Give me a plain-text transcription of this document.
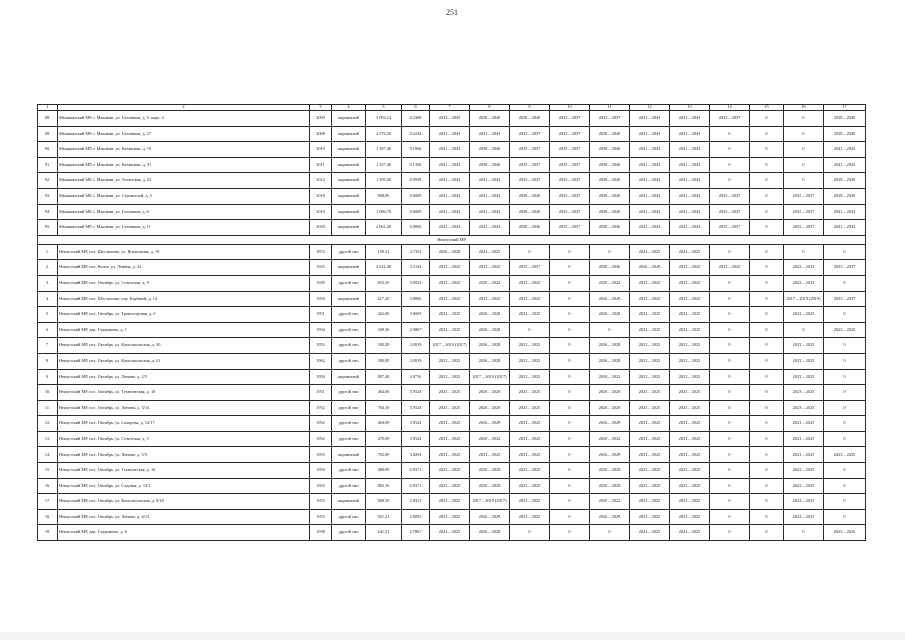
251
1	2	3	4	5	6	7	8	9	10	11	12	13	14	15	16	17
88.	Мышкинский МР, г. Мышкин, ул. Газовиков, д. 9, корп. 2	2009	кирпичный	3 093,14	0.2308	2043 – 2045	2038 – 2040	2038 – 2040	2035 – 2037	2035 – 2037	2041 – 2043	2041 – 2043	2035 – 2037	0	0	2038 – 2040
89.	Мышкинский МР, г. Мышкин, ул. Газовиков, д. 27	2008	кирпичный	2 376,50	0.3244	2041 – 2043	2041 – 2043	2035 – 2037	2035 – 2037	2038 – 2040	2041 – 2043	2041 – 2043	0	0	0	2038 – 2040
90.	Мышкинский МР, г. Мышкин, ул. Казанцева, д. 19	2010	кирпичный	1 387,40	0.1868	2041 – 2043	2038 – 2040	2035 – 2037	2035 – 2037	2038 – 2040	2041 – 2043	2041 – 2043	0	0	0	2041 – 2043
91.	Мышкинский МР, г. Мышкин, ул. Казанцева, д. 31	2011	кирпичный	1 257,40	0.1356	2041 – 2043	2038 – 2040	2035 – 2037	2035 – 2037	2038 – 2040	2041 – 2043	2041 – 2043	0	0	0	2041 – 2043
92.	Мышкинский МР, г. Мышкин, ул. Успенская, д. 22	2012	кирпичный	1 595,00	0.0938	2041 – 2043	2041 – 2043	2035 – 2037	2035 – 2037	2038 – 2040	2041 – 2043	2041 – 2043	0	0	0	2038 – 2040
93.	Мышкинский МР, г. Мышкин, ул. Строителей, д. 5	2018	кирпичный	968,80	0.0000	2041 – 2043	2041 – 2043	2038 – 2040	2035 – 2037	2038 – 2040	2041 – 2043	2041 – 2043	2035 – 2037	0	2035 – 2037	2038 – 2040
94.	Мышкинский МР, г. Мышкин, ул. Газовиков, д. 6	2019	кирпичный	1 086,70	0.0000	2041 – 2043	2041 – 2043	2038 – 2040	2035 – 2037	2038 – 2040	2041 – 2043	2041 – 2043	2035 – 2037	0	2035 – 2037	2041 – 2043
95.	Мышкинский МР, г. Мышкин, ул. Газовиков, д. 11	2020	кирпичный	2 061,20	0.0000	2041 – 2043	2041 – 2043	2038 – 2040	2035 – 2037	2038 – 2040	2041 – 2043	2041 – 2043	2035 – 2037	0	2035 – 2037	2041 – 2043
Некоузский МР																
1.	Некоузский МР, пос. Шестихино, ул. Вокзальная, д. 19	1873	другой тип	159,31	4.7333	2026 – 2028	2023 – 2025	0	0	0	2023 – 2025	2023 – 2025	0	0	0	0
2.	Некоузский МР, пос. Волга, ул. Ленина, д. 24	1925	кирпичный	2 631,40	3.3134	2023 – 2025	2023 – 2025	2035 – 2037	0	2038 – 2040	2026 – 2028	2023 – 2025	2023 – 2025	0	2023 – 2025	2035 – 2037
3.	Некоузский МР, пос. Октябрь, ул. Советская, д. 9	1949	другой тип	653,50	3.0952	2023 – 2025	2020 – 2022	2023 – 2025	0	2020 – 2022	2023 – 2025	2023 – 2025	0	0	2023 – 2025	0
4.	Некоузский МР, пос. Шестихино, пер. Карбный, д. 14	1950	кирпичный	617,20	3.8800	2023 – 2025	2023 – 2025	2023 – 2025	0	2026 – 2028	2023 – 2025	2023 – 2025	0	0	2017 – 2019 (2019)	2035 – 2037
5.	Некоузский МР, пос. Октябрь, ул. Транспортная, д. 6	1951	другой тип	422,00	3.0003	2023 – 2025	2026 – 2028	2023 – 2025	0	2026 – 2028	2023 – 2025	2023 – 2025	0	0	2023 – 2025	0
6.	Некоузский МР, дер. Гладышево, д. 1	1934	другой тип	349,30	2.9867	2023 – 2025	2026 – 2028	0	0	0	2023 – 2025	2023 – 2025	0	0	0	2023 – 2025
7.	Некоузский МР, пос. Октябрь, ул. Комсомольская, д. 30	1952	другой тип	392,50	3.9819	2017 – 2019 (2017)	2026 – 2028	2023 – 2025	0	2026 – 2028	2023 – 2025	2023 – 2025	0	0	2023 – 2025	0
8.	Некоузский МР, пос. Октябрь, ул. Комсомольская, д. 21	1962	другой тип	390,00	3.9819	2023 – 2025	2026 – 2028	2023 – 2025	0	2026 – 2028	2023 – 2025	2023 – 2025	0	0	2023 – 2025	0
9.	Некоузский МР, пос. Октябрь, ул. Ленина, д. 2/5	1950	кирпичный	807,30	3.9716	2023 – 2025	2017 – 2019 (2017)	2023 – 2025	0	2020 – 2022	2023 – 2025	2023 – 2025	0	0	2023 – 2025	0
10.	Некоузский МР, пос. Октябрь, ул. Техническая, д. 10	1951	другой тип	464,00	3.9524	2023 – 2025	2026 – 2028	2023 – 2025	0	2026 – 2028	2023 – 2025	2023 – 2025	0	0	2023 – 2025	0
11.	Некоузский МР, пос. Октябрь, ул. Ленина, д. 3/14	1952	другой тип	764,10	3.9524	2023 – 2025	2026 – 2028	2023 – 2025	0	2026 – 2028	2023 – 2025	2023 – 2025	0	0	2023 – 2025	0
12.	Некоузский МР, пос. Октябрь, ул. Сахарова, д. 12/17	1952	другой тип	464,00	3.9524	2023 – 2025	2026 – 2028	2023 – 2025	0	2026 – 2028	2023 – 2025	2023 – 2025	0	0	2023 – 2025	0
13.	Некоузский МР, пос. Октябрь, ул. Советская, д. 5	1952	другой тип	470,00	3.9524	2023 – 2025	2020 – 2022	2023 – 2025	0	2020 – 2022	2023 – 2025	2023 – 2025	0	0	2023 – 2025	0
14.	Некоузский МР, пос. Октябрь, ул. Ленина, д. 5/3	1953	кирпичный	792,80	3.8294	2023 – 2025	2023 – 2025	2023 – 2025	0	2026 – 2028	2023 – 2025	2023 – 2025	0	0	2023 – 2025	2023 – 2025
15.	Некоузский МР, пос. Октябрь, ул. Техническая, д. 16	1954	другой тип	480,00	2.8371	2023 – 2025	2026 – 2028	2023 – 2025	0	2026 – 2028	2023 – 2025	2023 – 2025	0	0	2023 – 2025	0
16.	Некоузский МР, пос. Октябрь, ул. Садовая, д. 13/1	1953	другой тип	882,10	2.8371	2023 – 2025	2026 – 2028	2023 – 2025	0	2026 – 2028	2023 – 2025	2023 – 2025	0	0	2023 – 2025	0
17.	Некоузский МР, пос. Октябрь, ул. Комсомольская, д. 8/18	1955	кирпичный	808,50	2.8321	2023 – 2025	2017 – 2019 (2017)	2023 – 2025	0	2020 – 2022	2023 – 2025	2023 – 2025	0	0	2023 – 2025	0
18.	Некоузский МР, пос. Октябрь, ул. Ленина, д. 6/12	1953	другой тип	821,21	2.8093	2023 – 2025	2026 – 2028	2023 – 2025	0	2026 – 2028	2023 – 2025	2023 – 2025	0	0	2023 – 2025	0
19.	Некоузский МР, дер. Гладышево, д. 6	1938	другой тип	241,51	2.7867	2023 – 2025	2026 – 2028	0	0	0	2023 – 2025	2023 – 2025	0	0	0	2023 – 2025
